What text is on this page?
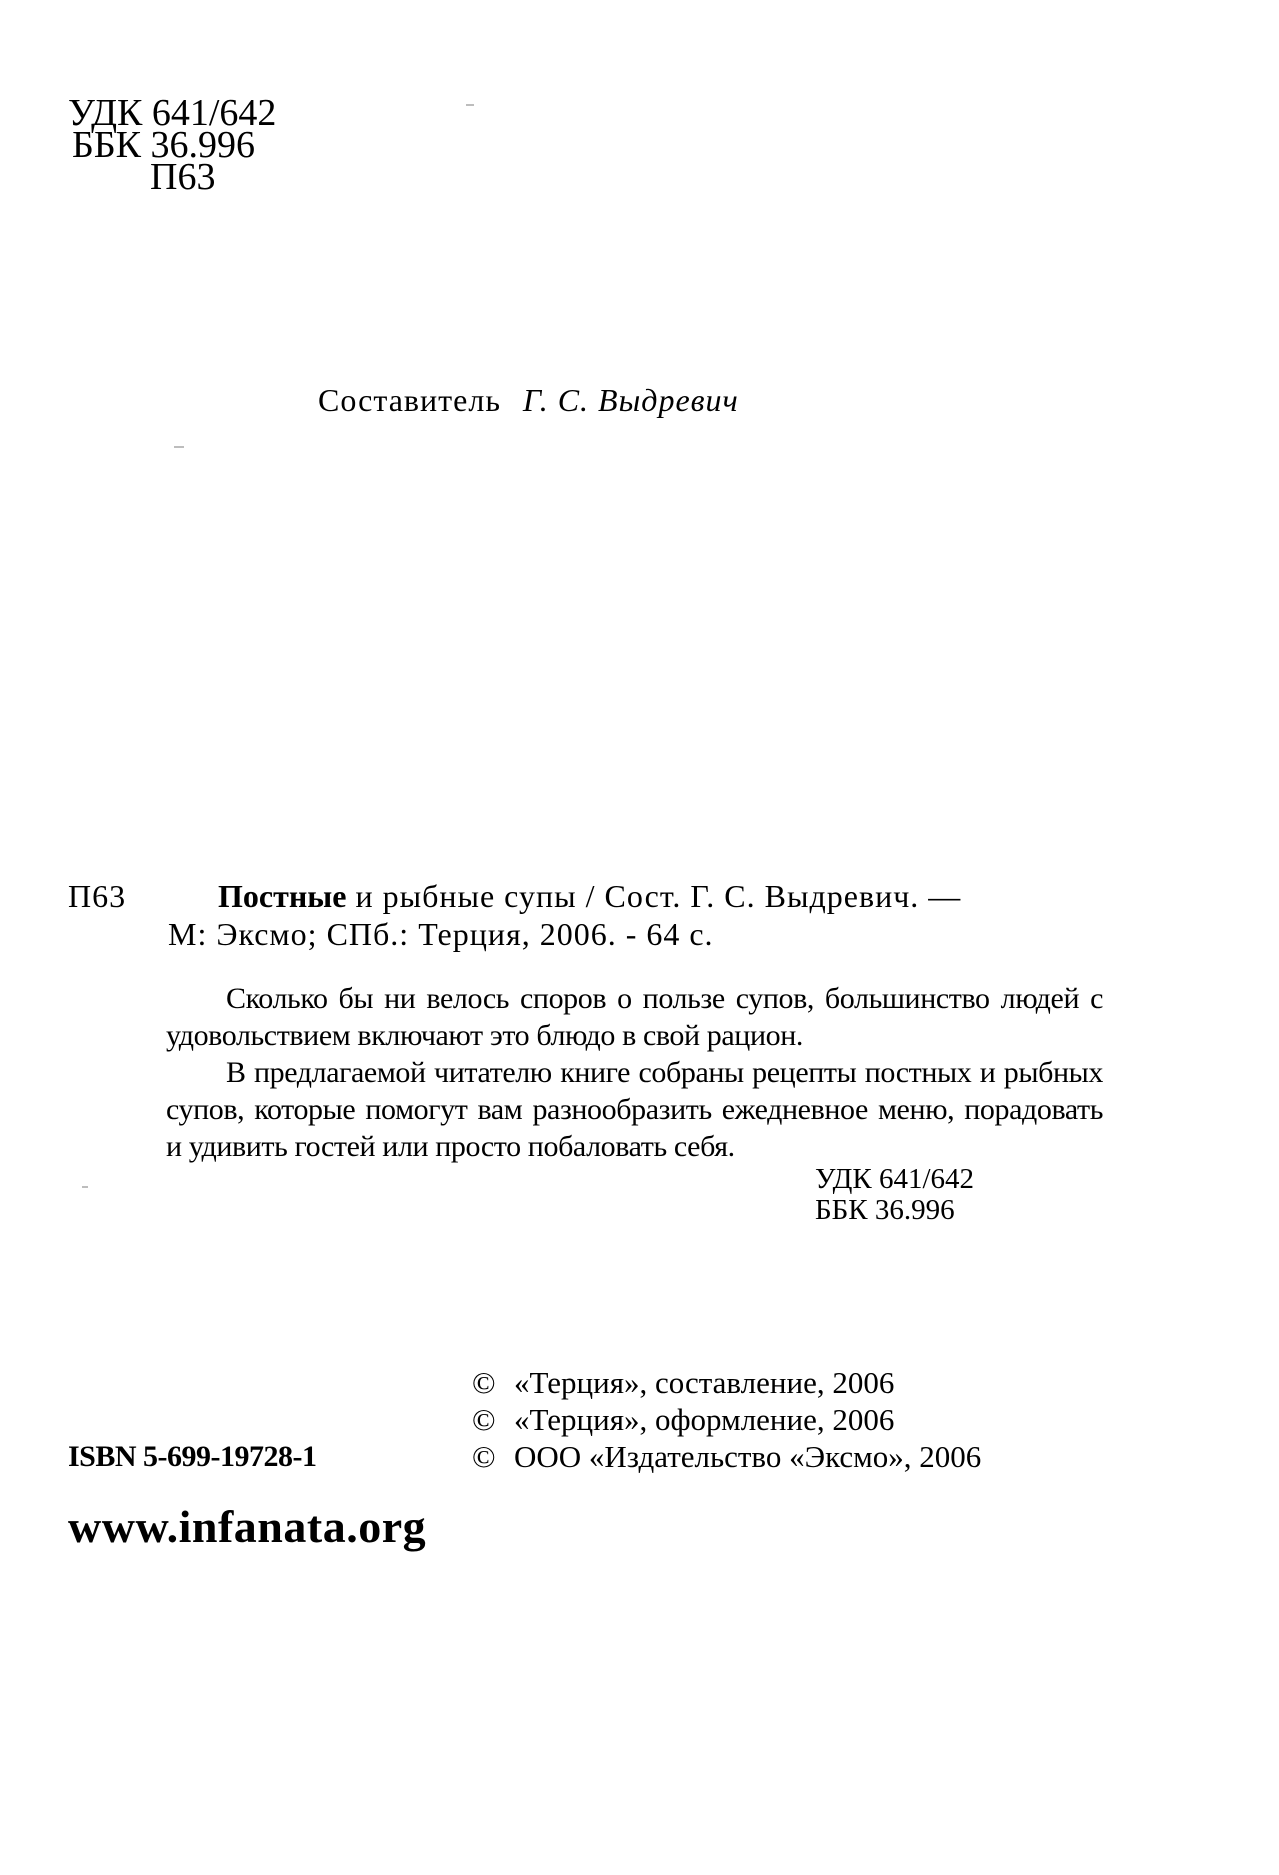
УДК 641/642
ББК 36.996
П63
Составитель Г. С. Выдревич
П63	Постные и рыбные супы / Сост. Г. С. Выдревич. —
М: Эксмо; СПб.: Терция, 2006. - 64 с.

Сколько бы ни велось споров о пользе супов, большинство людей с удовольствием включают это блюдо в свой рацион.

В предлагаемой читателю книге собраны рецепты постных и рыбных супов, которые помогут вам разнообразить ежедневное меню, порадовать и удивить гостей или просто побаловать себя.

УДК 641/642
ББК 36.996
© «Терция», составление, 2006
© «Терция», оформление, 2006
© ООО «Издательство «Эксмо», 2006
ISBN 5-699-19728-1
www.infanata.org
